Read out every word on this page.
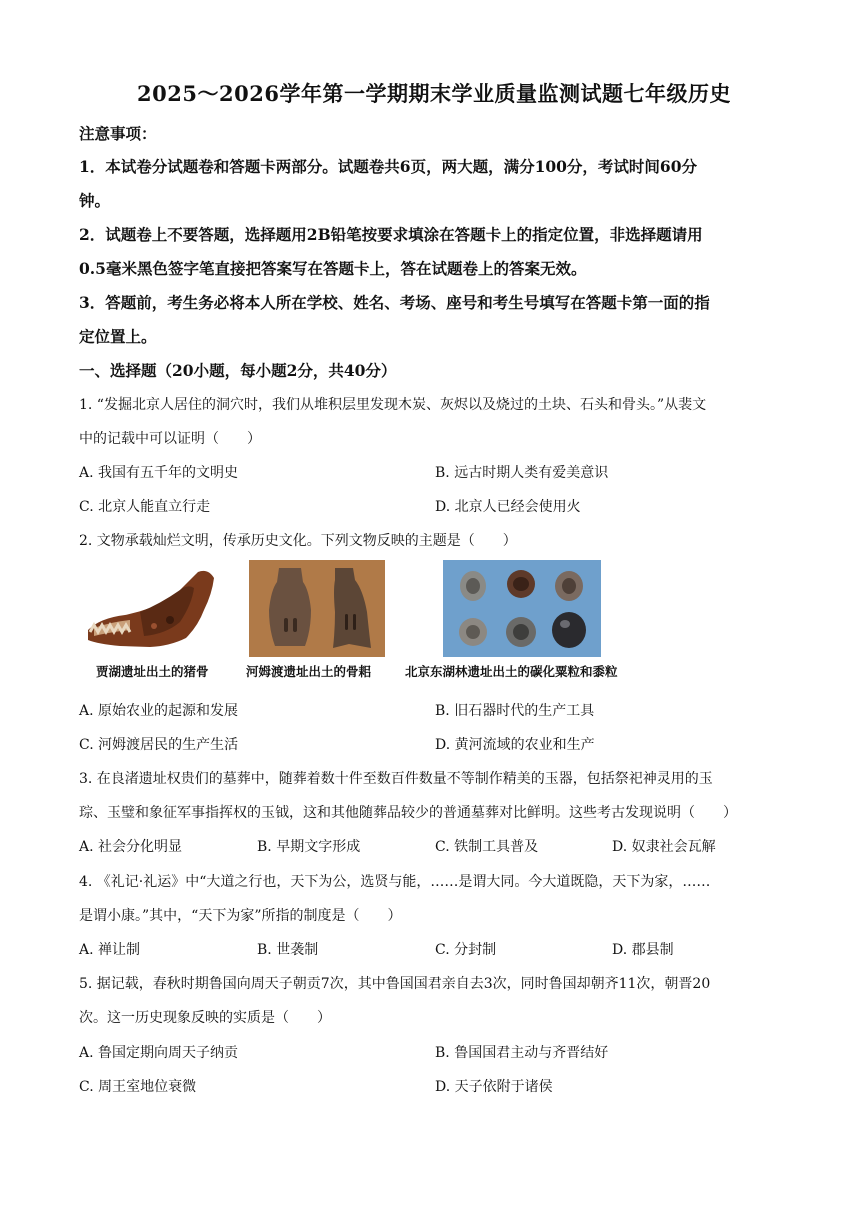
2025～2026学年第一学期期末学业质量监测试题七年级历史
注意事项：
1．本试卷分试题卷和答题卡两部分。试题卷共6页，两大题，满分100分，考试时间60分
钟。
2．试题卷上不要答题，选择题用2B铅笔按要求填涂在答题卡上的指定位置，非选择题请用
0.5毫米黑色签字笔直接把答案写在答题卡上，答在试题卷上的答案无效。
3．答题前，考生务必将本人所在学校、姓名、考场、座号和考生号填写在答题卡第一面的指
定位置上。
一、选择题（20小题，每小题2分，共40分）
1. “发掘北京人居住的洞穴时，我们从堆积层里发现木炭、灰烬以及烧过的土块、石头和骨头。”从裴文
中的记载中可以证明（　　）
A. 我国有五千年的文明史	B. 远古时期人类有爱美意识
C. 北京人能直立行走	D. 北京人已经会使用火
2. 文物承载灿烂文明，传承历史文化。下列文物反映的主题是（　　）
贾湖遗址出土的猪骨	河姆渡遗址出土的骨耜	北京东湖林遗址出土的碳化粟粒和黍粒
A. 原始农业的起源和发展	B. 旧石器时代的生产工具
C. 河姆渡居民的生产生活	D. 黄河流域的农业和生产
3. 在良渚遗址权贵们的墓葬中，随葬着数十件至数百件数量不等制作精美的玉器，包括祭祀神灵用的玉
琮、玉璧和象征军事指挥权的玉钺，这和其他随葬品较少的普通墓葬对比鲜明。这些考古发现说明（　　）
A. 社会分化明显	B. 早期文字形成	C. 铁制工具普及	D. 奴隶社会瓦解
4. 《礼记·礼运》中“大道之行也，天下为公，选贤与能，……是谓大同。今大道既隐，天下为家，……
是谓小康。”其中，“天下为家”所指的制度是（　　）
A. 禅让制	B. 世袭制	C. 分封制	D. 郡县制
5. 据记载，春秋时期鲁国向周天子朝贡7次，其中鲁国国君亲自去3次，同时鲁国却朝齐11次，朝晋20
次。这一历史现象反映的实质是（　　）
A. 鲁国定期向周天子纳贡	B. 鲁国国君主动与齐晋结好
C. 周王室地位衰微	D. 天子依附于诸侯
